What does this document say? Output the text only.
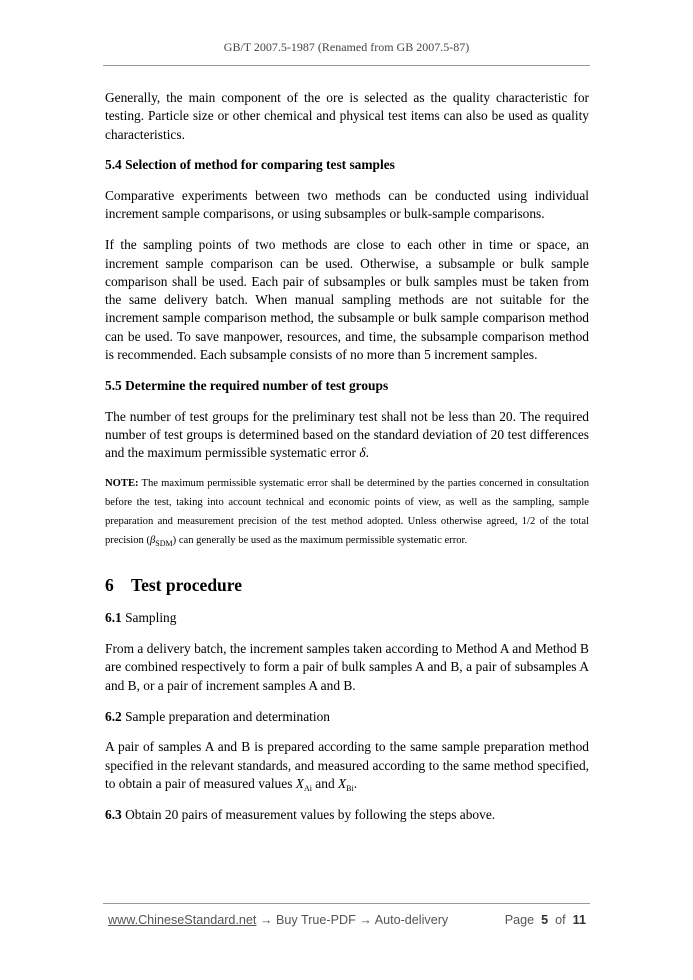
GB/T 2007.5-1987 (Renamed from GB 2007.5-87)

Generally, the main component of the ore is selected as the quality characteristic for testing. Particle size or other chemical and physical test items can also be used as quality characteristics.

5.4 Selection of method for comparing test samples

Comparative experiments between two methods can be conducted using individual increment sample comparisons, or using subsamples or bulk-sample comparisons.

If the sampling points of two methods are close to each other in time or space, an increment sample comparison can be used. Otherwise, a subsample or bulk sample comparison shall be used. Each pair of subsamples or bulk samples must be taken from the same delivery batch. When manual sampling methods are not suitable for the increment sample comparison method, the subsample or bulk sample comparison method can be used. To save manpower, resources, and time, the subsample comparison method is recommended. Each subsample consists of no more than 5 increment samples.

5.5 Determine the required number of test groups

The number of test groups for the preliminary test shall not be less than 20. The required number of test groups is determined based on the standard deviation of 20 test differences and the maximum permissible systematic error δ.

NOTE: The maximum permissible systematic error shall be determined by the parties concerned in consultation before the test, taking into account technical and economic points of view, as well as the sampling, sample preparation and measurement precision of the test method adopted. Unless otherwise agreed, 1/2 of the total precision $(\beta_{SDM})$ can generally be used as the maximum permissible systematic error.

6 Test procedure

6.1 Sampling

From a delivery batch, the increment samples taken according to Method A and Method B are combined respectively to form a pair of bulk samples A and B, a pair of subsamples A and B, or a pair of increment samples A and B.

6.2 Sample preparation and determination

A pair of samples A and B is prepared according to the same sample preparation method specified in the relevant standards, and measured according to the same method specified, to obtain a pair of measured values $X_{Ai}$ and $X_{Bi}$.

6.3 Obtain 20 pairs of measurement values by following the steps above.

www.ChineseStandard.net → Buy True-PDF → Auto-delivery	Page 5 of 11
